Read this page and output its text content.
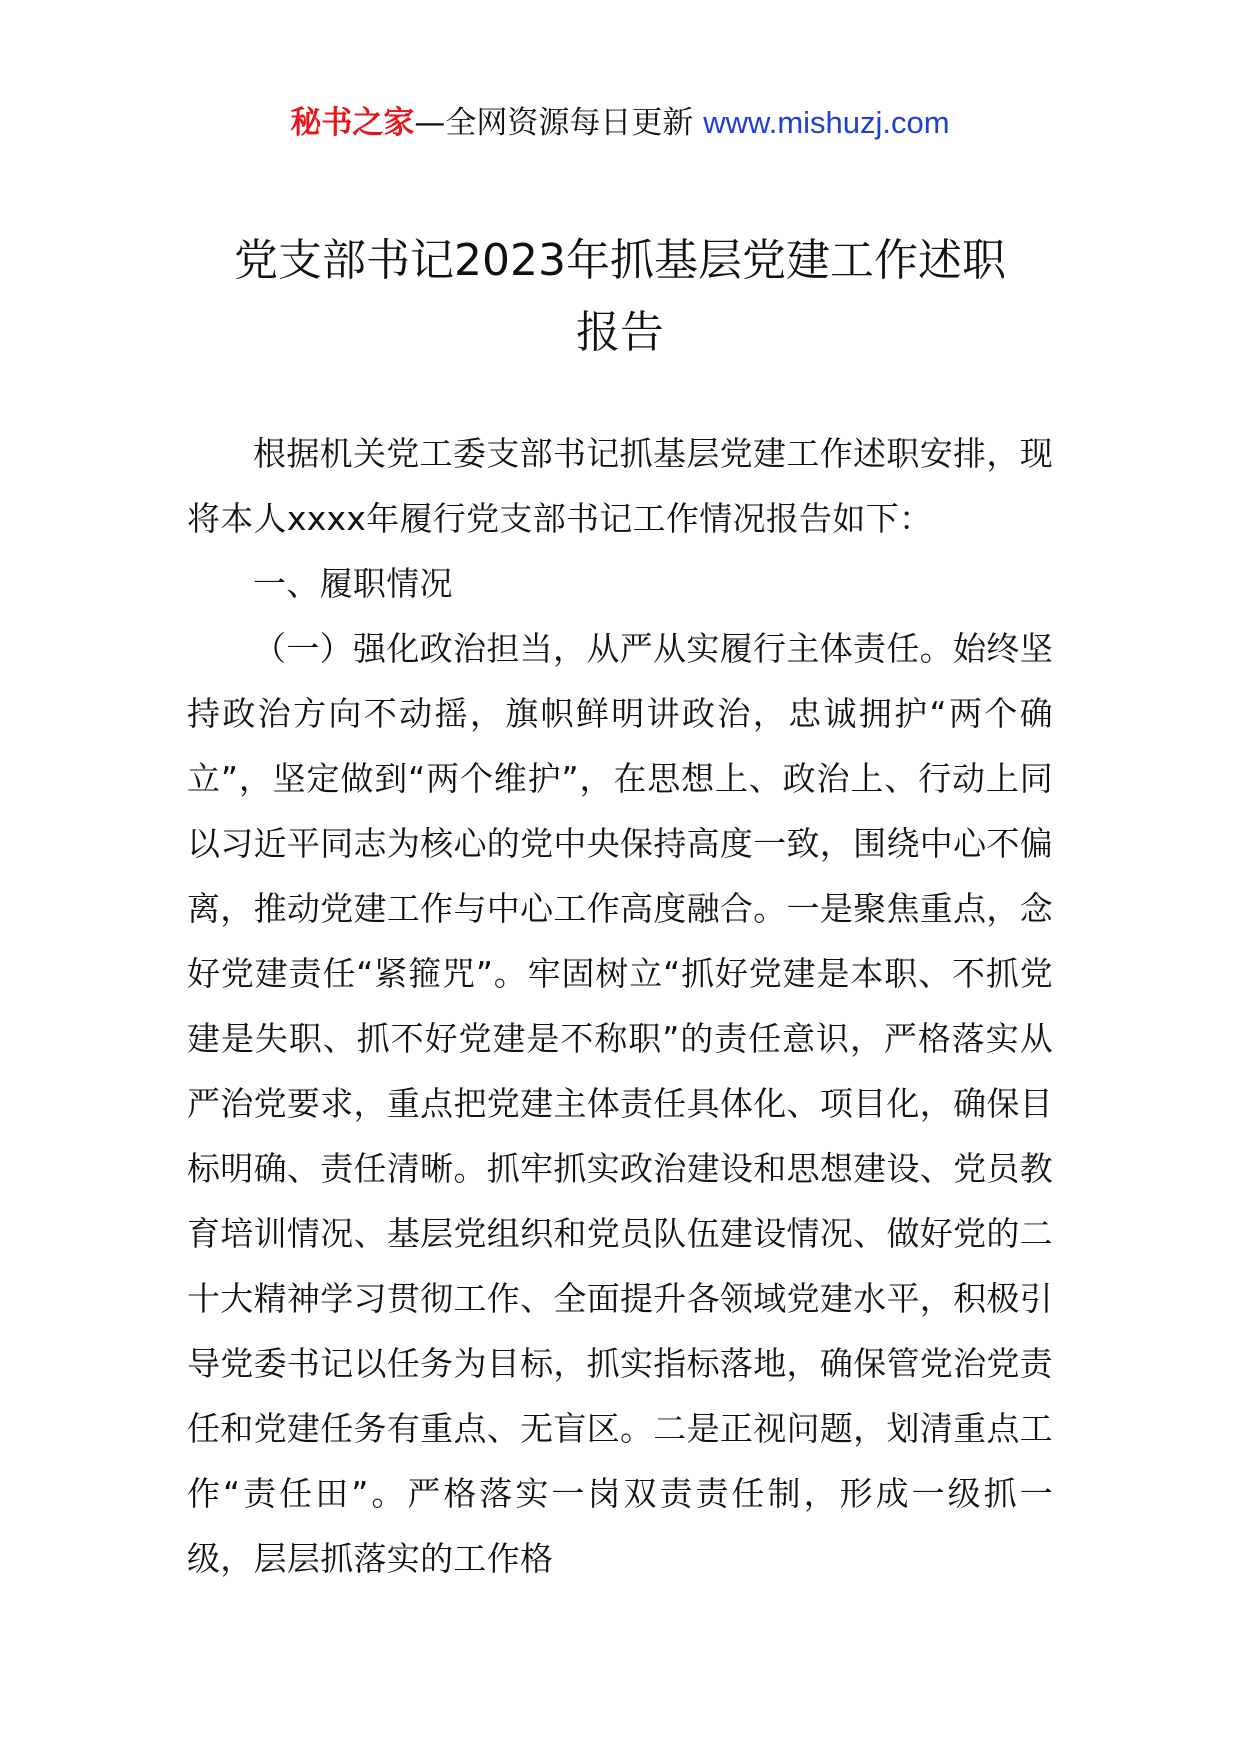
秘书之家—全网资源每日更新 www.mishuzj.com
党支部书记2023年抓基层党建工作述职
报告

根据机关党工委支部书记抓基层党建工作述职安排，现将本人xxxx年履行党支部书记工作情况报告如下：

一、履职情况

（一）强化政治担当，从严从实履行主体责任。始终坚持政治方向不动摇，旗帜鲜明讲政治，忠诚拥护“两个确立”，坚定做到“两个维护”，在思想上、政治上、行动上同以习近平同志为核心的党中央保持高度一致，围绕中心不偏离，推动党建工作与中心工作高度融合。一是聚焦重点，念好党建责任“紧箍咒”。牢固树立“抓好党建是本职、不抓党建是失职、抓不好党建是不称职”的责任意识，严格落实从严治党要求，重点把党建主体责任具体化、项目化，确保目标明确、责任清晰。抓牢抓实政治建设和思想建设、党员教育培训情况、基层党组织和党员队伍建设情况、做好党的二十大精神学习贯彻工作、全面提升各领域党建水平，积极引导党委书记以任务为目标，抓实指标落地，确保管党治党责任和党建任务有重点、无盲区。二是正视问题，划清重点工作“责任田”。严格落实一岗双责责任制，形成一级抓一级，层层抓落实的工作格
